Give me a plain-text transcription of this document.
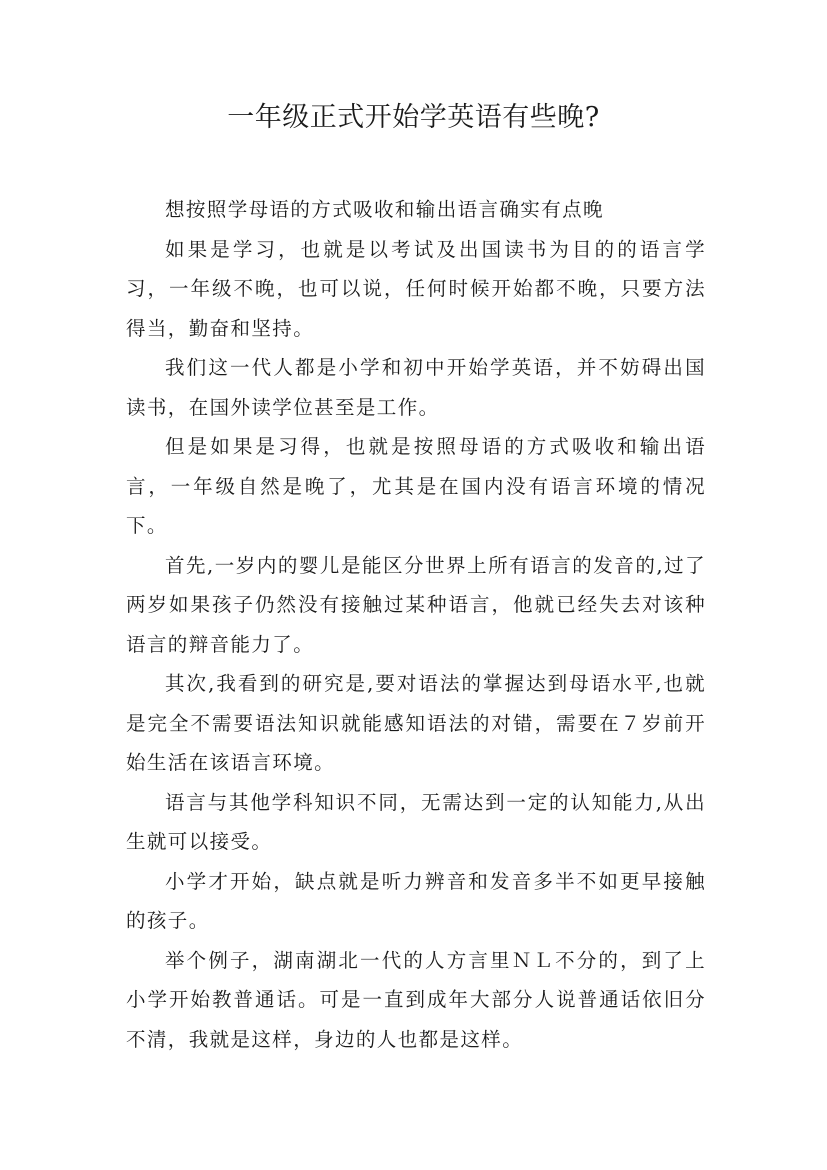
一年级正式开始学英语有些晚?

想按照学母语的方式吸收和输出语言确实有点晚

如果是学习，也就是以考试及出国读书为目的的语言学习，一年级不晚，也可以说，任何时候开始都不晚，只要方法得当，勤奋和坚持。

我们这一代人都是小学和初中开始学英语，并不妨碍出国读书，在国外读学位甚至是工作。

但是如果是习得，也就是按照母语的方式吸收和输出语言，一年级自然是晚了，尤其是在国内没有语言环境的情况下。

首先,一岁内的婴儿是能区分世界上所有语言的发音的,过了两岁如果孩子仍然没有接触过某种语言，他就已经失去对该种语言的辩音能力了。

其次,我看到的研究是,要对语法的掌握达到母语水平,也就是完全不需要语法知识就能感知语法的对错，需要在７岁前开始生活在该语言环境。

语言与其他学科知识不同，无需达到一定的认知能力,从出生就可以接受。

小学才开始，缺点就是听力辨音和发音多半不如更早接触的孩子。

举个例子，湖南湖北一代的人方言里ＮＬ不分的，到了上小学开始教普通话。可是一直到成年大部分人说普通话依旧分不清，我就是这样，身边的人也都是这样。
